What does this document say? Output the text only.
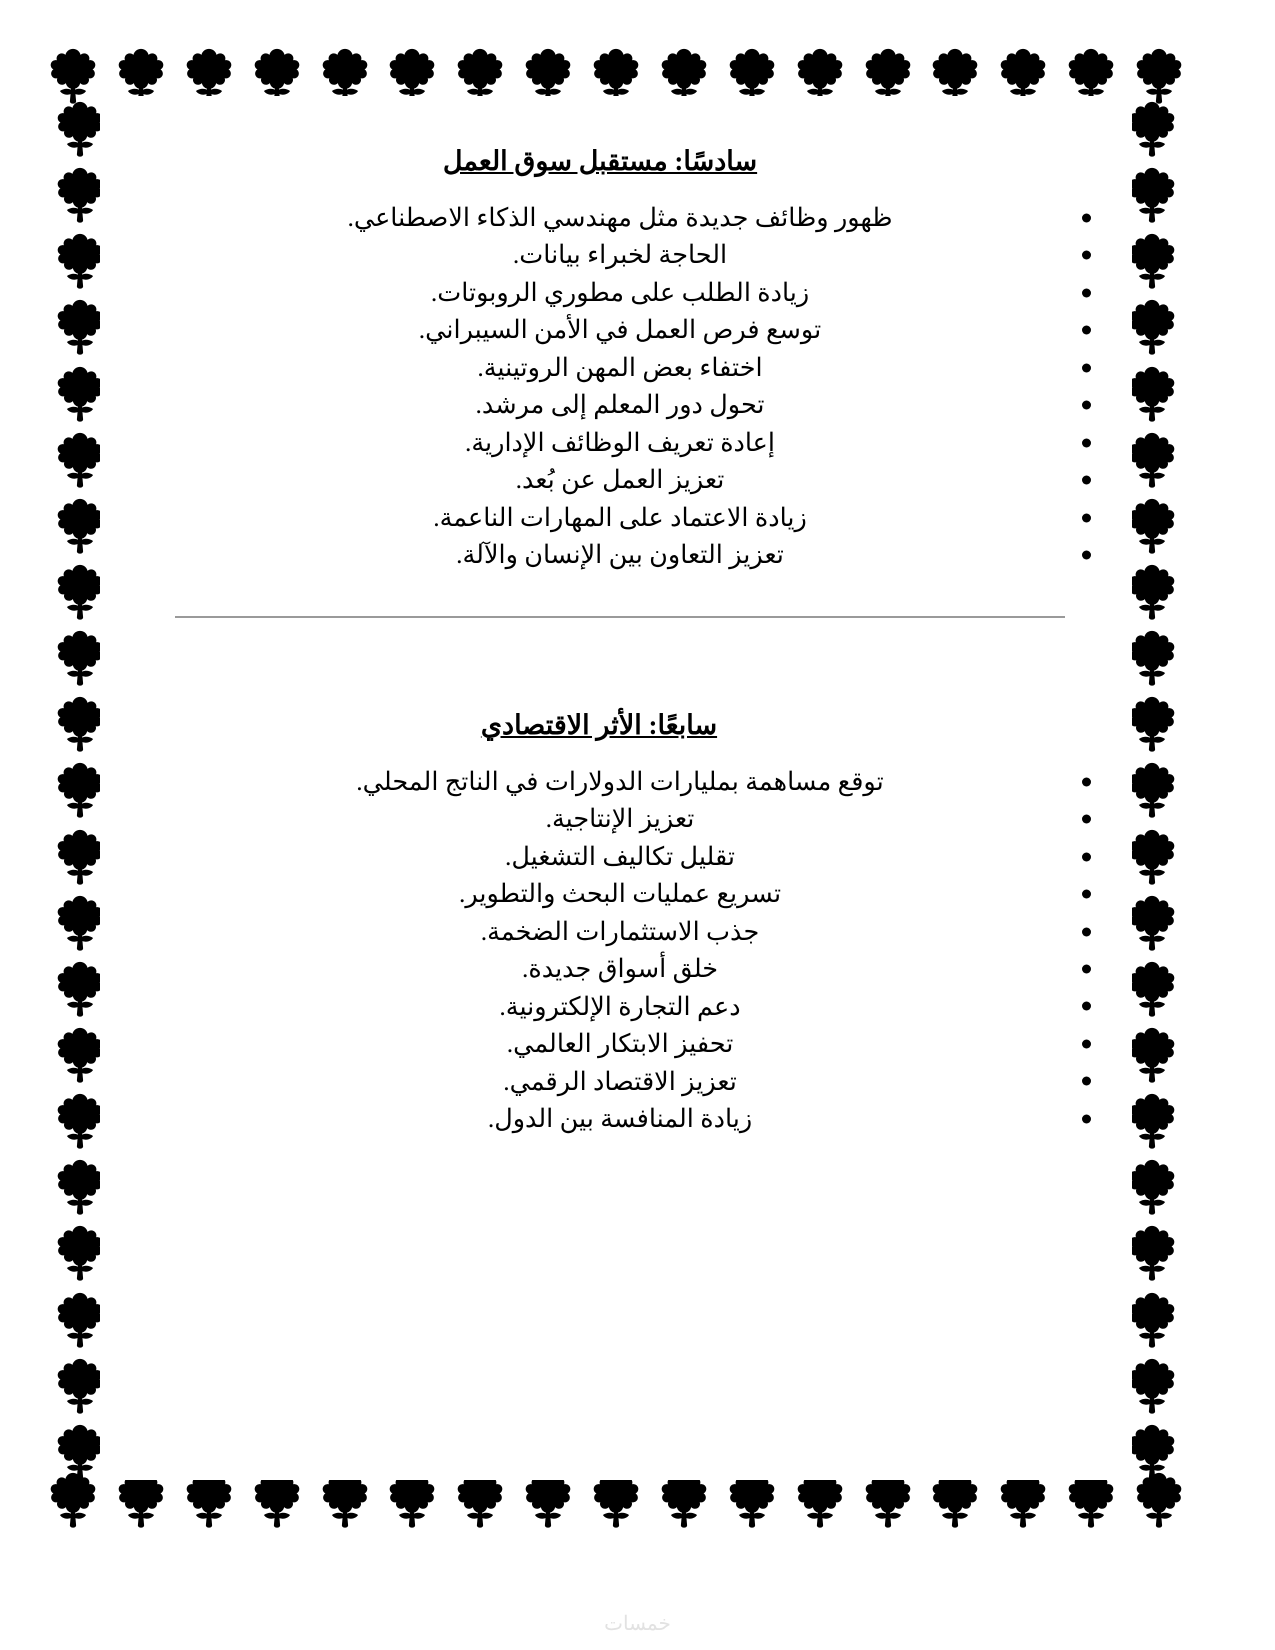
سادسًا: مستقبل سوق العمل
ظهور وظائف جديدة مثل مهندسي الذكاء الاصطناعي.
الحاجة لخبراء بيانات.
زيادة الطلب على مطوري الروبوتات.
توسع فرص العمل في الأمن السيبراني.
اختفاء بعض المهن الروتينية.
تحول دور المعلم إلى مرشد.
إعادة تعريف الوظائف الإدارية.
تعزيز العمل عن بُعد.
زيادة الاعتماد على المهارات الناعمة.
تعزيز التعاون بين الإنسان والآلة.
سابعًا: الأثر الاقتصادي
توقع مساهمة بمليارات الدولارات في الناتج المحلي.
تعزيز الإنتاجية.
تقليل تكاليف التشغيل.
تسريع عمليات البحث والتطوير.
جذب الاستثمارات الضخمة.
خلق أسواق جديدة.
دعم التجارة الإلكترونية.
تحفيز الابتكار العالمي.
تعزيز الاقتصاد الرقمي.
زيادة المنافسة بين الدول.
خمسات
